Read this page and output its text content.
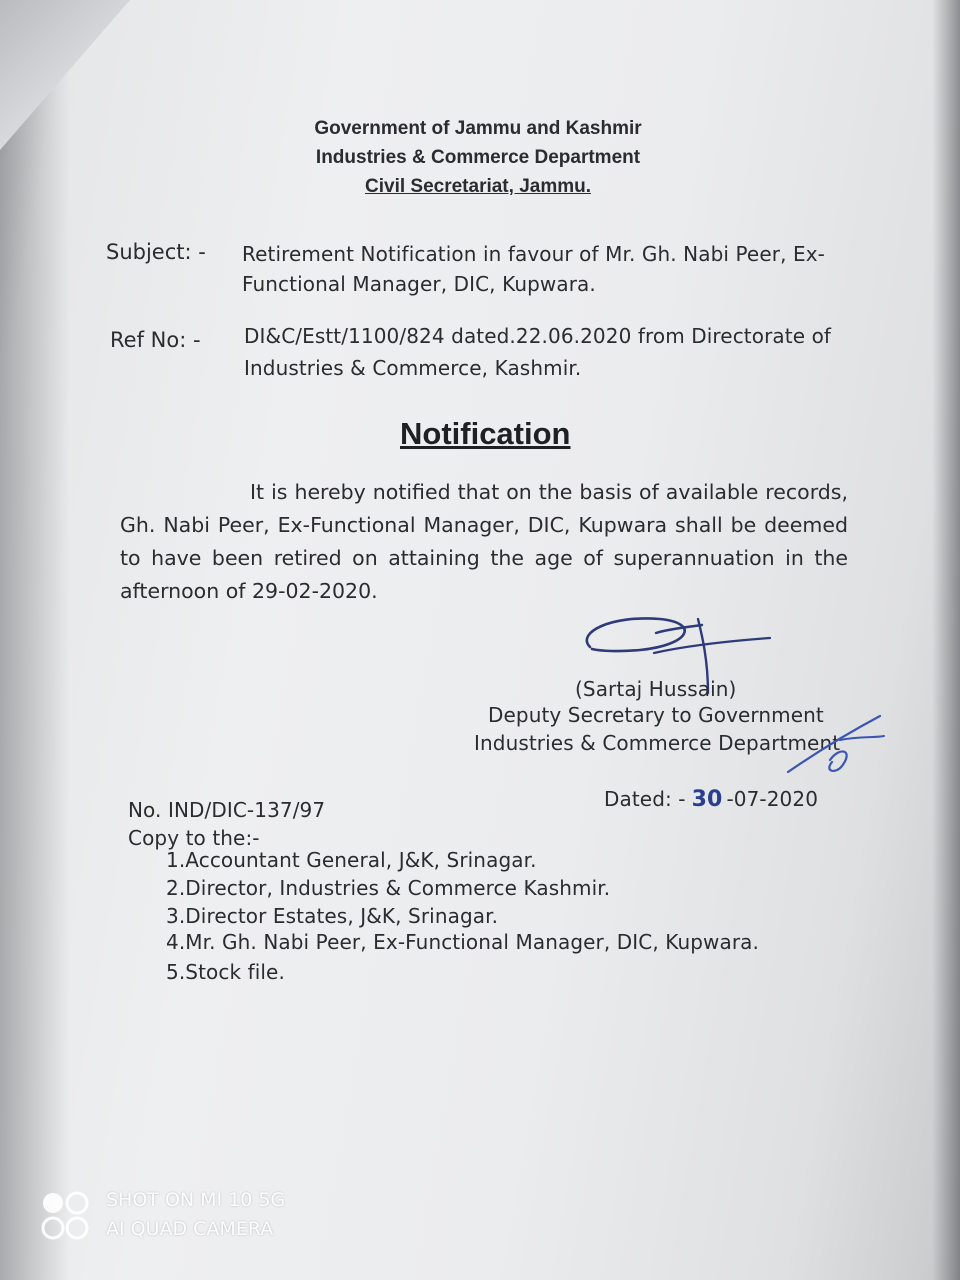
Government of Jammu and Kashmir
Industries & Commerce Department
Civil Secretariat, Jammu.
Subject: - Retirement Notification in favour of Mr. Gh. Nabi Peer, Ex-
Functional Manager, DIC, Kupwara.
Ref No: - DI&C/Estt/1100/824 dated.22.06.2020 from Directorate of
Industries & Commerce, Kashmir.
Notification
It is hereby notified that on the basis of available records,
Gh. Nabi Peer, Ex-Functional Manager, DIC, Kupwara shall be deemed
to have been retired on attaining the age of superannuation in the
afternoon of 29-02-2020.
(Sartaj Hussain)
Deputy Secretary to Government
Industries & Commerce Department
Dated: - 30 -07-2020
No. IND/DIC-137/97
Copy to the:-
1.Accountant General, J&K, Srinagar.
2.Director, Industries & Commerce Kashmir.
3.Director Estates, J&K, Srinagar.
4.Mr. Gh. Nabi Peer, Ex-Functional Manager, DIC, Kupwara.
5.Stock file.
SHOT ON MI 10 5G
AI QUAD CAMERA
